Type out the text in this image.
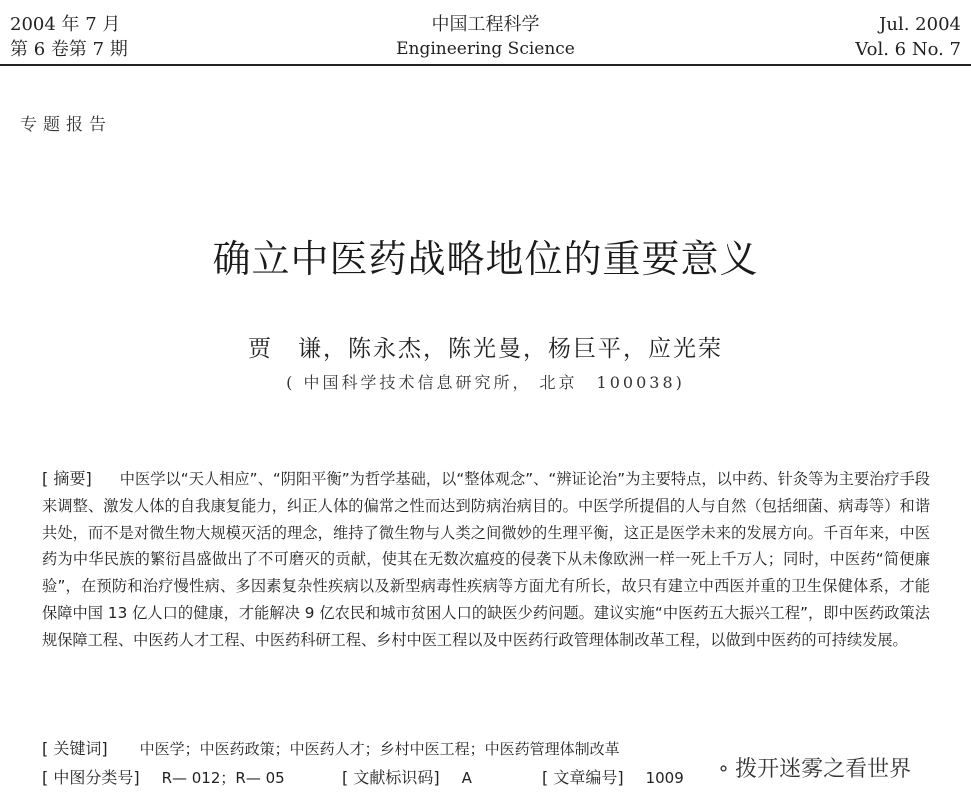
2004 年 7 月
第 6 卷第 7 期
中国工程科学
Engineering Science
Jul. 2004
Vol. 6 No. 7
专题报告
确立中医药战略地位的重要意义
贾　谦，陈永杰，陈光曼，杨巨平，应光荣
( 中国科学技术信息研究所， 北京　100038)
[ 摘要] 中医学以“天人相应”、“阴阳平衡”为哲学基础，以“整体观念”、“辨证论治”为主要特点，以中药、针灸等为主要治疗手段来调整、激发人体的自我康复能力，纠正人体的偏常之性而达到防病治病目的。中医学所提倡的人与自然（包括细菌、病毒等）和谐共处，而不是对微生物大规模灭活的理念，维持了微生物与人类之间微妙的生理平衡，这正是医学未来的发展方向。千百年来，中医药为中华民族的繁衍昌盛做出了不可磨灭的贡献，使其在无数次瘟疫的侵袭下从未像欧洲一样一死上千万人；同时，中医药“简便廉验”，在预防和治疗慢性病、多因素复杂性疾病以及新型病毒性疾病等方面尤有所长，故只有建立中西医并重的卫生保健体系，才能保障中国 13 亿人口的健康，才能解决 9 亿农民和城市贫困人口的缺医少药问题。建议实施“中医药五大振兴工程”，即中医药政策法规保障工程、中医药人才工程、中医药科研工程、乡村中医工程以及中医药行政管理体制改革工程，以做到中医药的可持续发展。
[ 关键词] 中医学；中医药政策；中医药人才；乡村中医工程；中医药管理体制改革
[ 中图分类号] R— 012；R— 05	[ 文献标识码] A	[ 文章编号] 1009	⚬ 拨开迷雾之看世界
